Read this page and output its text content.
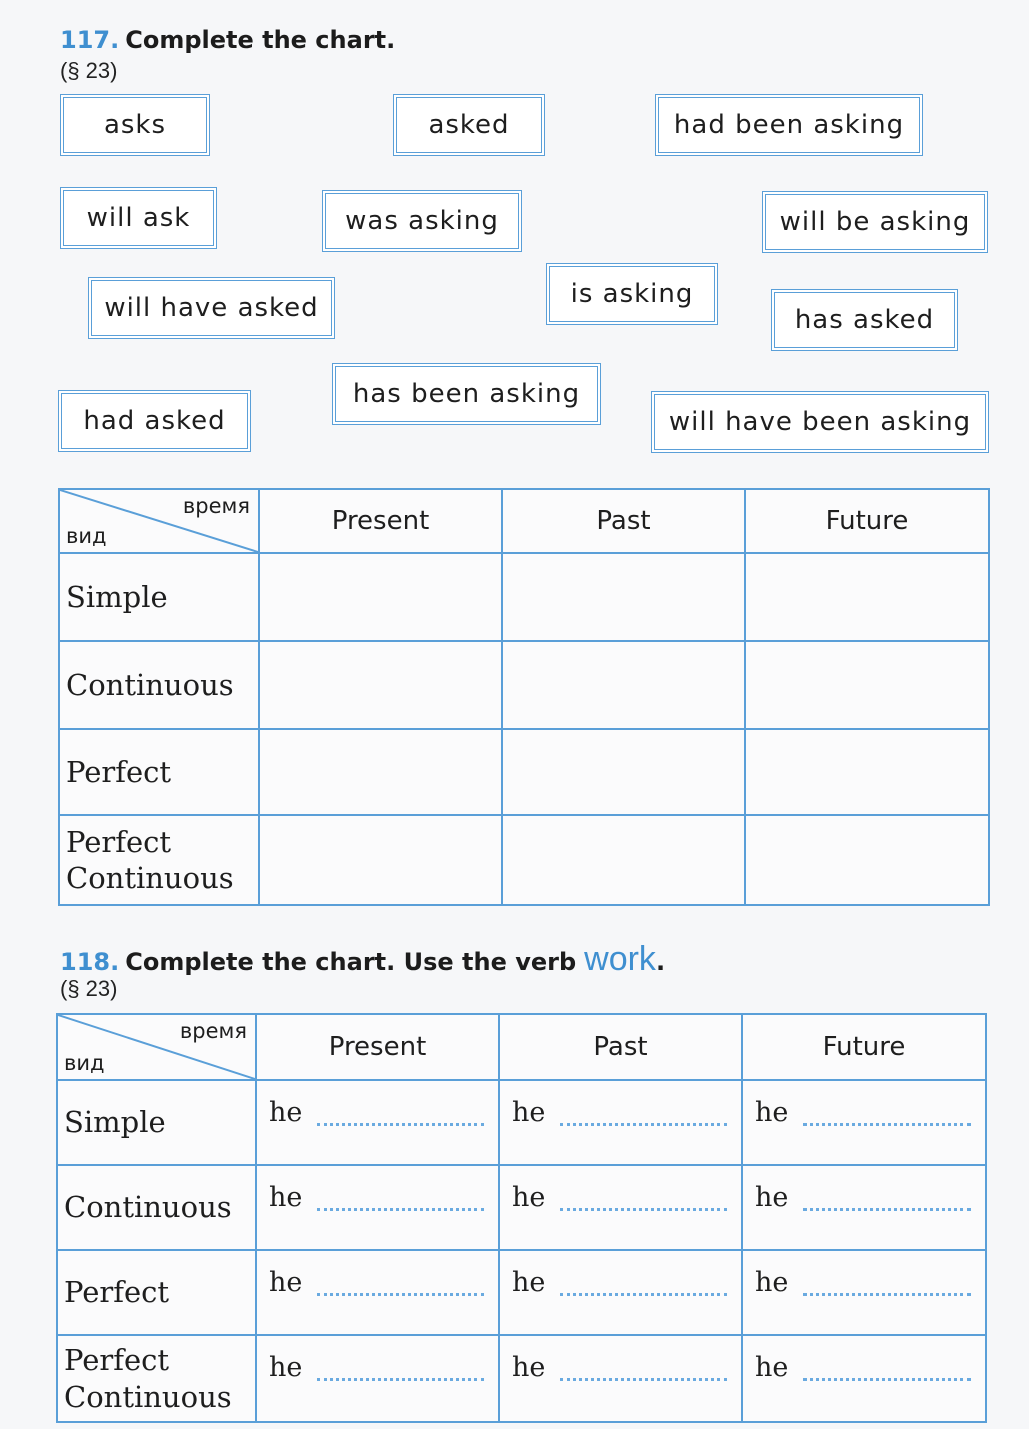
117. Complete the chart.
(§ 23)
asks	asked	had been asking
will ask	was asking	will be asking
will have asked	is asking
has asked
had asked
has been asking
will have been asking
время
вид	Present	Past	Future
Simple			
Continuous			
Perfect			
Perfect Continuous			
118. Complete the chart. Use the verb work.
(§ 23)
время
вид	Present	Past	Future
Simple	he	he	he

Continuous	he	he	he

Perfect	he	he	he

Perfect Continuous	he	he	he
